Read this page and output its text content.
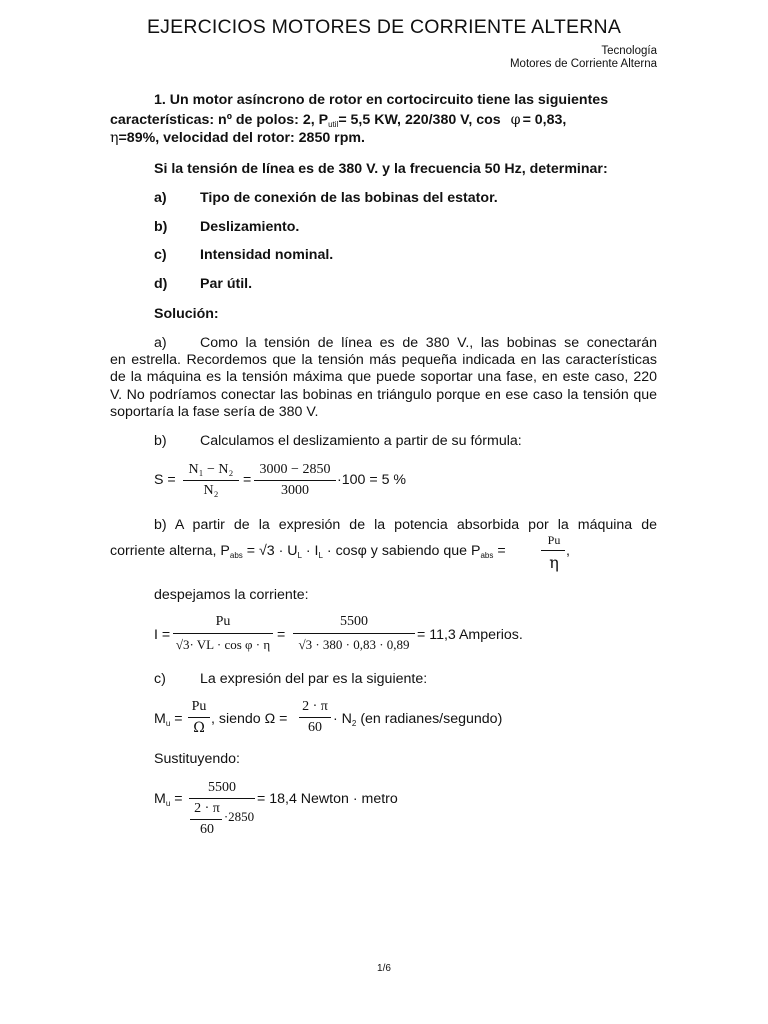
EJERCICIOS MOTORES DE CORRIENTE ALTERNA
Tecnología
Motores de Corriente Alterna
1. Un motor asíncrono de rotor en cortocircuito tiene las siguientes
características: nº de polos: 2, $P_{util}= 5,5$ KW, 220/380 V, cos φ = 0,83,
η=89%, velocidad del rotor: 2850 rpm.
Si la tensión de línea es de 380 V. y la frecuencia 50 Hz, determinar:
a) Tipo de conexión de las bobinas del estator.
b) Deslizamiento.
c) Intensidad nominal.
d) Par útil.
Solución:
a) Como la tensión de línea es de 380 V., las bobinas se conectarán
en estrella. Recordemos que la tensión más pequeña indicada en las características de la máquina es la tensión máxima que puede soportar una fase, en este caso, 220 V. No podríamos conectar las bobinas en triángulo porque en ese caso la tensión que soportaría la fase sería de 380 V.
b) Calculamos el deslizamiento a partir de su fórmula:
S =
N₁ − N₂
N₂
=
3000 − 2850
3000
·100 = 5 %
b) A partir de la expresión de la potencia absorbida por la máquina de
corriente alterna, $P_{abs} = √3 \cdot U_L \cdot I_L \cdot \cos\varphi$ y sabiendo que $P_{abs}$ =
Pu
η
,
despejamos la corriente:
I =
Pu
√3· VL · cos φ · η
=
5500
√3 · 380 · 0,83 · 0,89
= 11,3 Amperios.
c) La expresión del par es la siguiente:
$M_u$ =
Pu
Ω
, siendo Ω =
2 · π
60
· $N_2$ (en radianes/segundo)
Sustituyendo:
$M_u$ =
5500
2 · π
60
·2850
= 18,4 Newton · metro
1/6
